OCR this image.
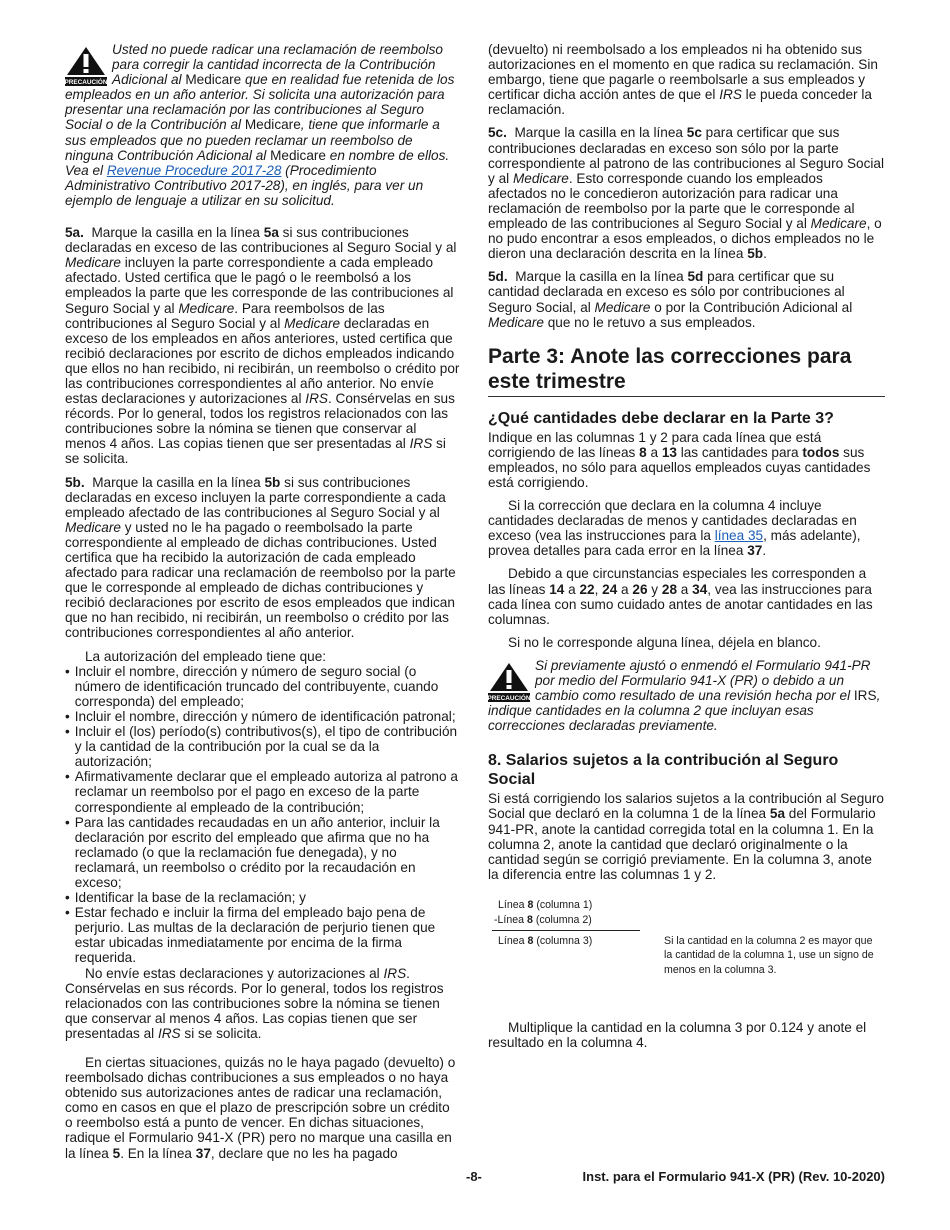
PRECAUCIÓN

Usted no puede radicar una reclamación de reembolso para corregir la cantidad incorrecta de la Contribución Adicional al Medicare que en realidad fue retenida de los empleados en un año anterior. Si solicita una autorización para presentar una reclamación por las contribuciones al Seguro Social o de la Contribución al Medicare, tiene que informarle a sus empleados que no pueden reclamar un reembolso de ninguna Contribución Adicional al Medicare en nombre de ellos. Vea el Revenue Procedure 2017-28 (Procedimiento Administrativo Contributivo 2017-28), en inglés, para ver un ejemplo de lenguaje a utilizar en su solicitud.

5a. Marque la casilla en la línea 5a si sus contribuciones declaradas en exceso de las contribuciones al Seguro Social y al Medicare incluyen la parte correspondiente a cada empleado afectado. Usted certifica que le pagó o le reembolsó a los empleados la parte que les corresponde de las contribuciones al Seguro Social y al Medicare. Para reembolsos de las contribuciones al Seguro Social y al Medicare declaradas en exceso de los empleados en años anteriores, usted certifica que recibió declaraciones por escrito de dichos empleados indicando que ellos no han recibido, ni recibirán, un reembolso o crédito por las contribuciones correspondientes al año anterior. No envíe estas declaraciones y autorizaciones al IRS. Consérvelas en sus récords. Por lo general, todos los registros relacionados con las contribuciones sobre la nómina se tienen que conservar al menos 4 años. Las copias tienen que ser presentadas al IRS si se solicita.

5b. Marque la casilla en la línea 5b si sus contribuciones declaradas en exceso incluyen la parte correspondiente a cada empleado afectado de las contribuciones al Seguro Social y al Medicare y usted no le ha pagado o reembolsado la parte correspondiente al empleado de dichas contribuciones. Usted certifica que ha recibido la autorización de cada empleado afectado para radicar una reclamación de reembolso por la parte que le corresponde al empleado de dichas contribuciones y recibió declaraciones por escrito de esos empleados que indican que no han recibido, ni recibirán, un reembolso o crédito por las contribuciones correspondientes al año anterior.

La autorización del empleado tiene que:

• Incluir el nombre, dirección y número de seguro social (o número de identificación truncado del contribuyente, cuando corresponda) del empleado;
• Incluir el nombre, dirección y número de identificación patronal;
• Incluir el (los) período(s) contributivos(s), el tipo de contribución y la cantidad de la contribución por la cual se da la autorización;
• Afirmativamente declarar que el empleado autoriza al patrono a reclamar un reembolso por el pago en exceso de la parte correspondiente al empleado de la contribución;
• Para las cantidades recaudadas en un año anterior, incluir la declaración por escrito del empleado que afirma que no ha reclamado (o que la reclamación fue denegada), y no reclamará, un reembolso o crédito por la recaudación en exceso;
• Identificar la base de la reclamación; y
• Estar fechado e incluir la firma del empleado bajo pena de perjurio. Las multas de la declaración de perjurio tienen que estar ubicadas inmediatamente por encima de la firma requerida.

No envíe estas declaraciones y autorizaciones al IRS. Consérvelas en sus récords. Por lo general, todos los registros relacionados con las contribuciones sobre la nómina se tienen que conservar al menos 4 años. Las copias tienen que ser presentadas al IRS si se solicita.

En ciertas situaciones, quizás no le haya pagado (devuelto) o reembolsado dichas contribuciones a sus empleados o no haya obtenido sus autorizaciones antes de radicar una reclamación, como en casos en que el plazo de prescripción sobre un crédito o reembolso está a punto de vencer. En dichas situaciones, radique el Formulario 941-X (PR) pero no marque una casilla en la línea 5. En la línea 37, declare que no les ha pagado

(devuelto) ni reembolsado a los empleados ni ha obtenido sus autorizaciones en el momento en que radica su reclamación. Sin embargo, tiene que pagarle o reembolsarle a sus empleados y certificar dicha acción antes de que el IRS le pueda conceder la reclamación.

5c. Marque la casilla en la línea 5c para certificar que sus contribuciones declaradas en exceso son sólo por la parte correspondiente al patrono de las contribuciones al Seguro Social y al Medicare. Esto corresponde cuando los empleados afectados no le concedieron autorización para radicar una reclamación de reembolso por la parte que le corresponde al empleado de las contribuciones al Seguro Social y al Medicare, o no pudo encontrar a esos empleados, o dichos empleados no le dieron una declaración descrita en la línea 5b.

5d. Marque la casilla en la línea 5d para certificar que su cantidad declarada en exceso es sólo por contribuciones al Seguro Social, al Medicare o por la Contribución Adicional al Medicare que no le retuvo a sus empleados.

Parte 3: Anote las correcciones para este trimestre
¿Qué cantidades debe declarar en la Parte 3?

Indique en las columnas 1 y 2 para cada línea que está corrigiendo de las líneas 8 a 13 las cantidades para todos sus empleados, no sólo para aquellos empleados cuyas cantidades está corrigiendo.

Si la corrección que declara en la columna 4 incluye cantidades declaradas de menos y cantidades declaradas en exceso (vea las instrucciones para la línea 35, más adelante), provea detalles para cada error en la línea 37.

Debido a que circunstancias especiales les corresponden a las líneas 14 a 22, 24 a 26 y 28 a 34, vea las instrucciones para cada línea con sumo cuidado antes de anotar cantidades en las columnas.

Si no le corresponde alguna línea, déjela en blanco.

PRECAUCIÓN

Si previamente ajustó o enmendó el Formulario 941-PR por medio del Formulario 941-X (PR) o debido a un cambio como resultado de una revisión hecha por el IRS, indique cantidades en la columna 2 que incluyan esas correcciones declaradas previamente.

8. Salarios sujetos a la contribución al Seguro Social

Si está corrigiendo los salarios sujetos a la contribución al Seguro Social que declaró en la columna 1 de la línea 5a del Formulario 941-PR, anote la cantidad corregida total en la columna 1. En la columna 2, anote la cantidad que declaró originalmente o la cantidad según se corrigió previamente. En la columna 3, anote la diferencia entre las columnas 1 y 2.

Línea 8 (columna 1)
-Línea 8 (columna 2)
Línea 8 (columna 3)	Si la cantidad en la columna 2 es mayor que la cantidad de la columna 1, use un signo de menos en la columna 3.

Multiplique la cantidad en la columna 3 por 0.124 y anote el resultado en la columna 4.

-8-	Inst. para el Formulario 941-X (PR) (Rev. 10-2020)
